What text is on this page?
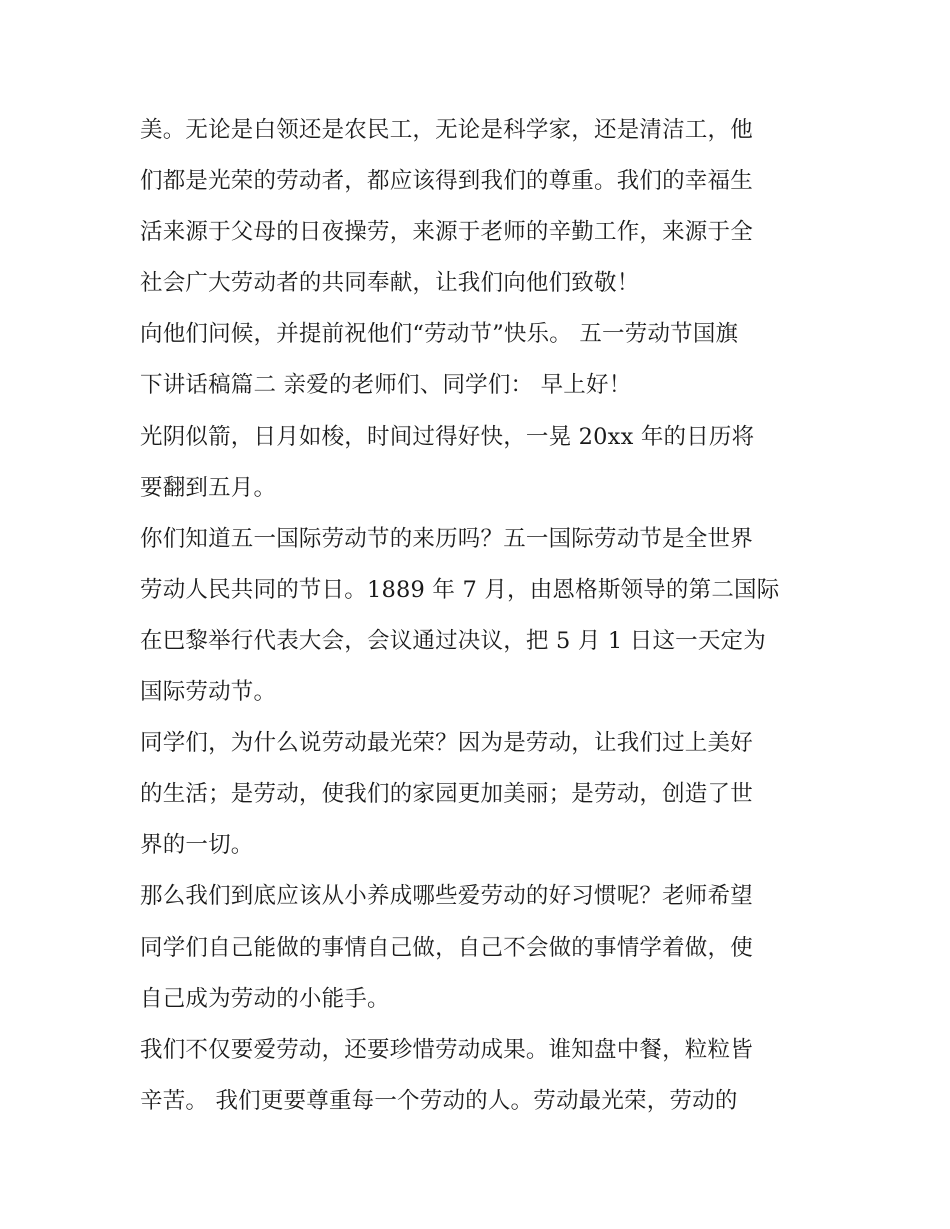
美。无论是白领还是农民工，无论是科学家，还是清洁工，他
们都是光荣的劳动者，都应该得到我们的尊重。我们的幸福生
活来源于父母的日夜操劳，来源于老师的辛勤工作，来源于全
社会广大劳动者的共同奉献，让我们向他们致敬！
向他们问候，并提前祝他们“劳动节”快乐。 五一劳动节国旗
下讲话稿篇二 亲爱的老师们、同学们： 早上好！
光阴似箭，日月如梭，时间过得好快，一晃 20xx 年的日历将
要翻到五月。
你们知道五一国际劳动节的来历吗？五一国际劳动节是全世界
劳动人民共同的节日。1889 年 7 月，由恩格斯领导的第二国际
在巴黎举行代表大会，会议通过决议，把 5 月 1 日这一天定为
国际劳动节。
同学们，为什么说劳动最光荣？因为是劳动，让我们过上美好
的生活；是劳动，使我们的家园更加美丽；是劳动，创造了世
界的一切。
那么我们到底应该从小养成哪些爱劳动的好习惯呢？老师希望
同学们自己能做的事情自己做，自己不会做的事情学着做，使
自己成为劳动的小能手。
我们不仅要爱劳动，还要珍惜劳动成果。谁知盘中餐，粒粒皆
辛苦。 我们更要尊重每一个劳动的人。劳动最光荣，劳动的
